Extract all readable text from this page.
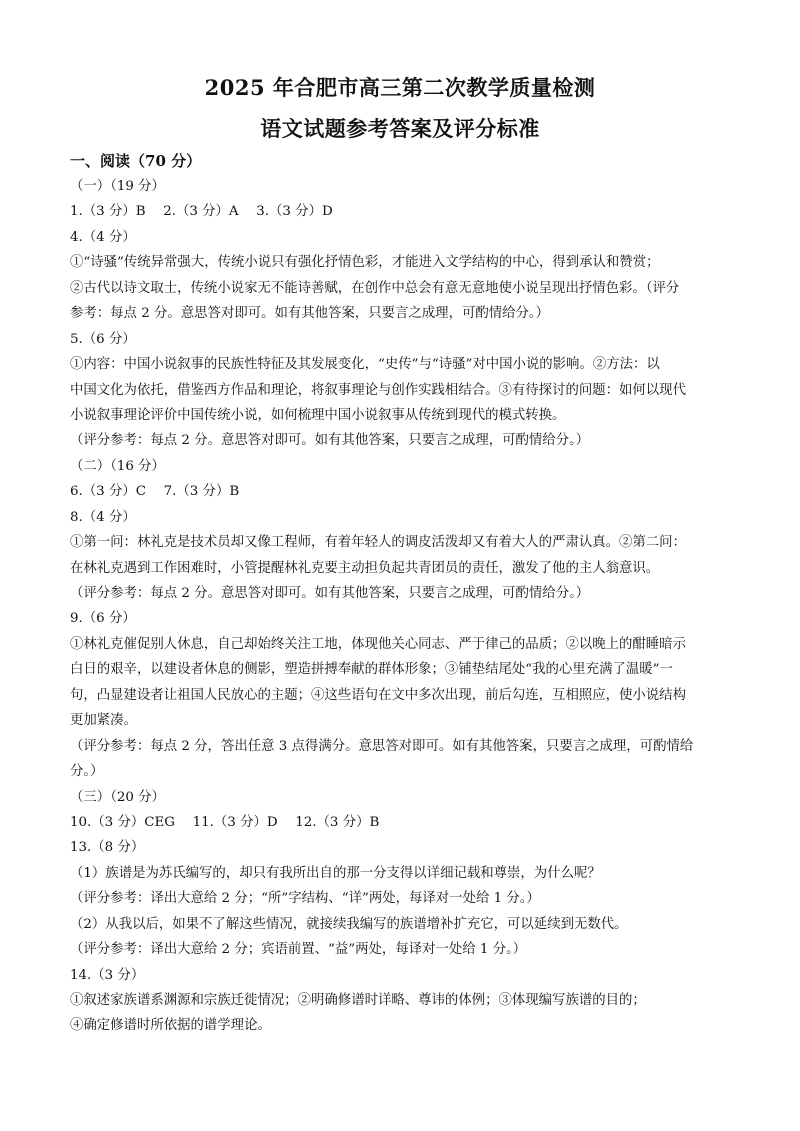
2025 年合肥市高三第二次教学质量检测
语文试题参考答案及评分标准
一、阅读（70 分）
（一）（19 分）
1.（3 分）B　 2.（3 分）A　 3.（3 分）D
4.（4 分）
①“诗骚”传统异常强大，传统小说只有强化抒情色彩，才能进入文学结构的中心，得到承认和赞赏；
②古代以诗文取士，传统小说家无不能诗善赋，在创作中总会有意无意地使小说呈现出抒情色彩。（评分
参考：每点 2 分。意思答对即可。如有其他答案，只要言之成理，可酌情给分。）
5.（6 分）
①内容：中国小说叙事的民族性特征及其发展变化，“史传”与“诗骚”对中国小说的影响。②方法：以
中国文化为依托，借鉴西方作品和理论，将叙事理论与创作实践相结合。③有待探讨的问题：如何以现代
小说叙事理论评价中国传统小说，如何梳理中国小说叙事从传统到现代的模式转换。
（评分参考：每点 2 分。意思答对即可。如有其他答案，只要言之成理，可酌情给分。）
（二）（16 分）
6.（3 分）C　 7.（3 分）B
8.（4 分）
①第一问：林礼克是技术员却又像工程师，有着年轻人的调皮活泼却又有着大人的严肃认真。②第二问：
在林礼克遇到工作困难时，小管提醒林礼克要主动担负起共青团员的责任，激发了他的主人翁意识。
（评分参考：每点 2 分。意思答对即可。如有其他答案，只要言之成理，可酌情给分。）
9.（6 分）
①林礼克催促别人休息，自己却始终关注工地，体现他关心同志、严于律己的品质；②以晚上的酣睡暗示
白日的艰辛，以建设者休息的侧影，塑造拼搏奉献的群体形象；③铺垫结尾处“我的心里充满了温暖”一
句，凸显建设者让祖国人民放心的主题；④这些语句在文中多次出现，前后勾连，互相照应，使小说结构
更加紧凑。
（评分参考：每点 2 分，答出任意 3 点得满分。意思答对即可。如有其他答案，只要言之成理，可酌情给
分。）
（三）（20 分）
10.（3 分）CEG　 11.（3 分）D　 12.（3 分）B
13.（8 分）
（1）族谱是为苏氏编写的，却只有我所出自的那一分支得以详细记载和尊崇，为什么呢？
（评分参考：译出大意给 2 分；“所”字结构、“详”两处，每译对一处给 1 分。）
（2）从我以后，如果不了解这些情况，就接续我编写的族谱增补扩充它，可以延续到无数代。
（评分参考：译出大意给 2 分；宾语前置、“益”两处，每译对一处给 1 分。）
14.（3 分）
①叙述家族谱系渊源和宗族迁徙情况；②明确修谱时详略、尊讳的体例；③体现编写族谱的目的；
④确定修谱时所依据的谱学理论。
